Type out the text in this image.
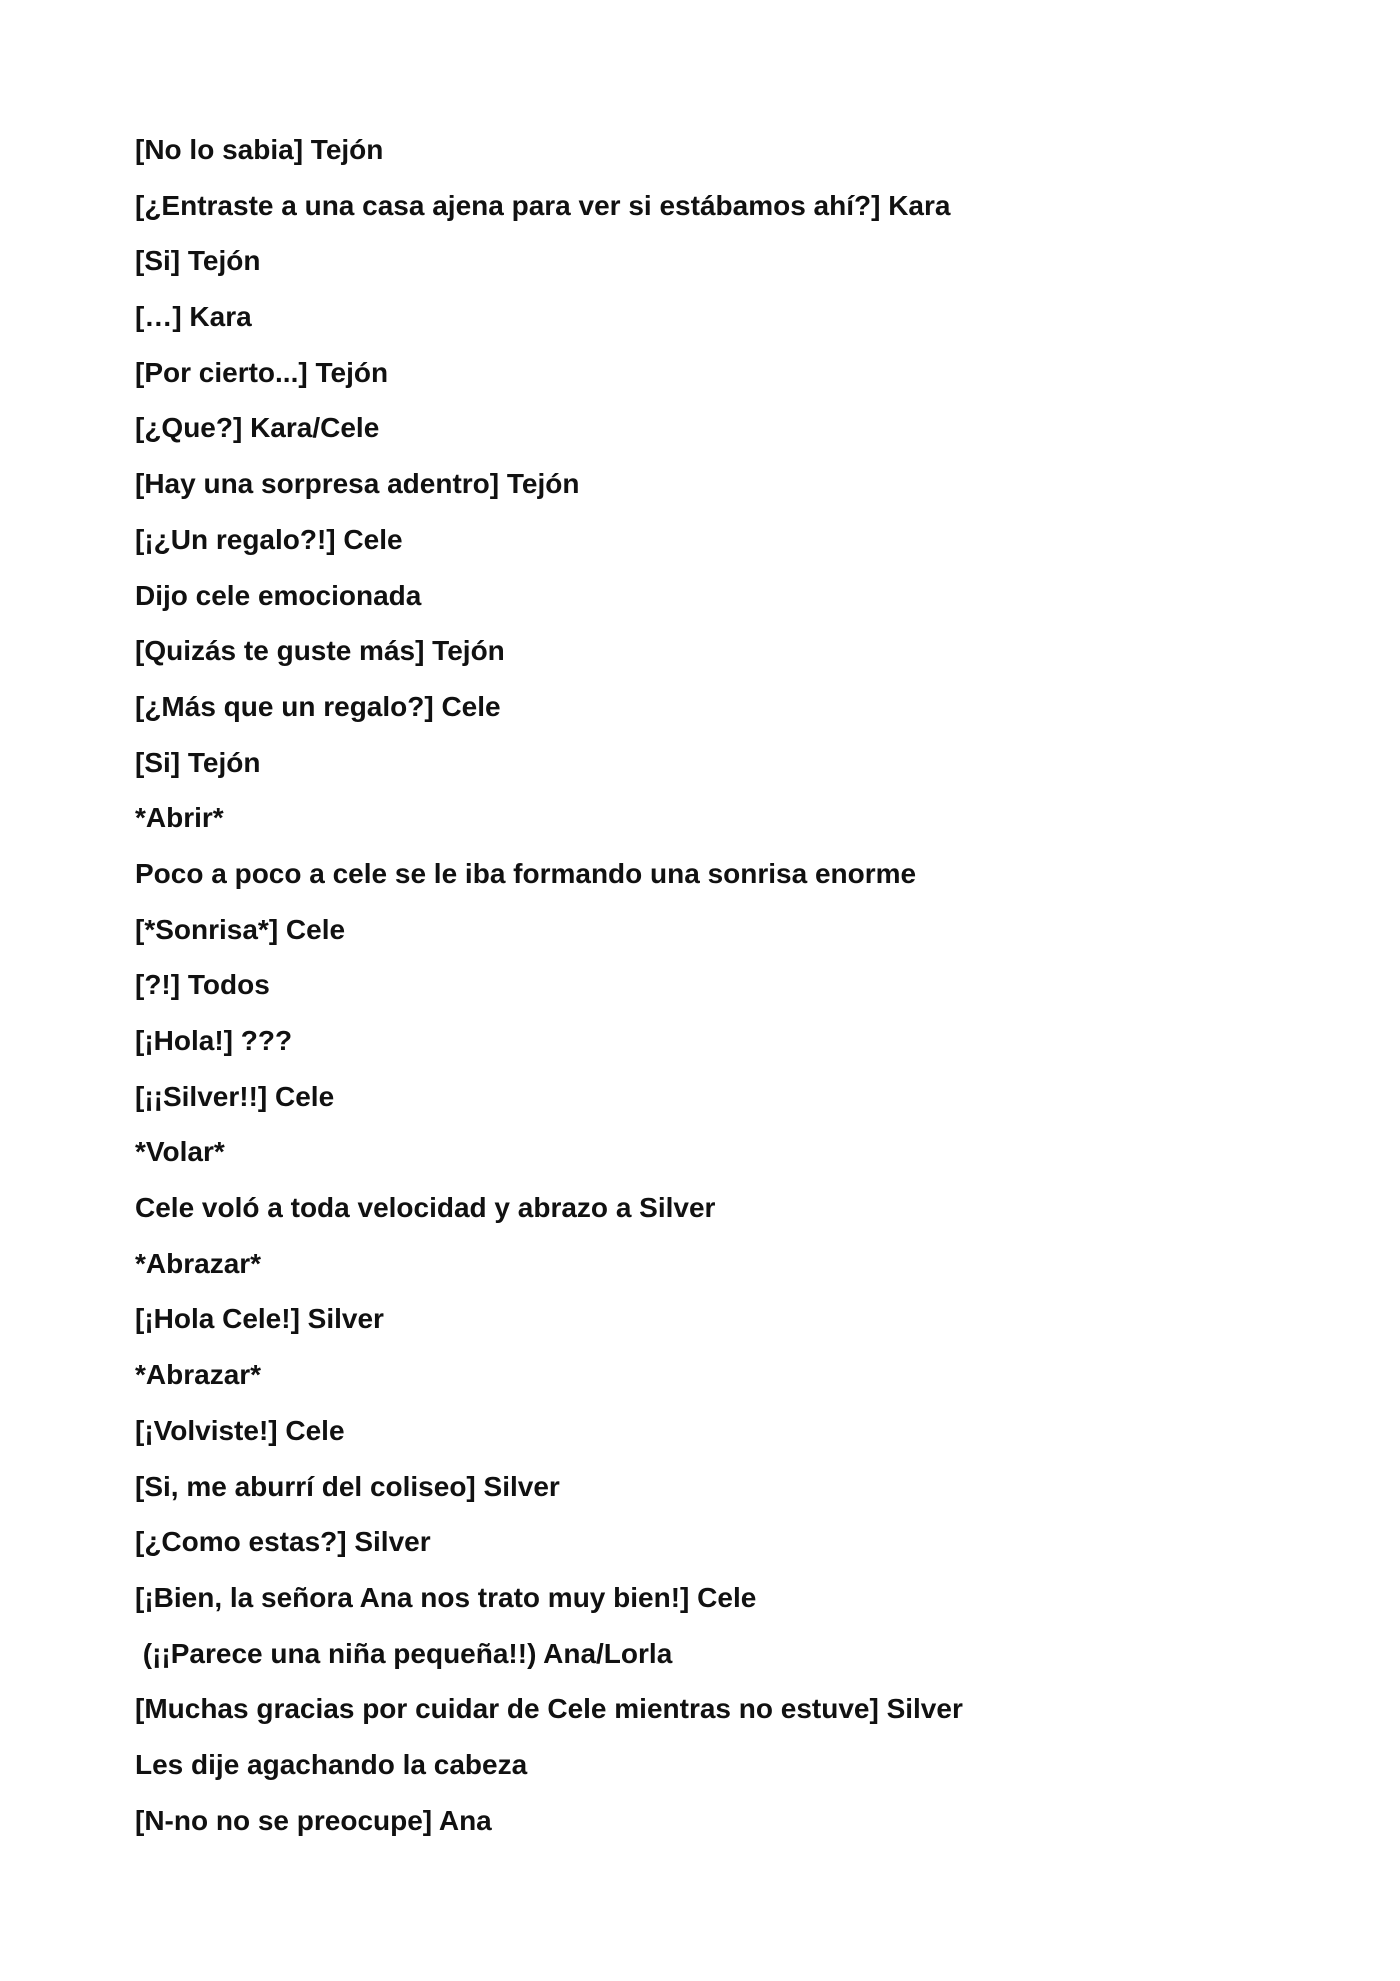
[No lo sabia] Tejón
[¿Entraste a una casa ajena para ver si estábamos ahí?] Kara
[Si] Tejón
[…] Kara
[Por cierto...] Tejón
[¿Que?] Kara/Cele
[Hay una sorpresa adentro] Tejón
[¡¿Un regalo?!] Cele
Dijo cele emocionada
[Quizás te guste más] Tejón
[¿Más que un regalo?] Cele
[Si] Tejón
*Abrir*
Poco a poco a cele se le iba formando una sonrisa enorme
[*Sonrisa*] Cele
[?!] Todos
[¡Hola!] ???
[¡¡Silver!!] Cele
*Volar*
Cele voló a toda velocidad y abrazo a Silver
*Abrazar*
[¡Hola Cele!] Silver
*Abrazar*
[¡Volviste!] Cele
[Si, me aburrí del coliseo] Silver
[¿Como estas?] Silver
[¡Bien, la señora Ana nos trato muy bien!] Cele
(¡¡Parece una niña pequeña!!) Ana/Lorla
[Muchas gracias por cuidar de Cele mientras no estuve] Silver
Les dije agachando la cabeza
[N-no no se preocupe] Ana
